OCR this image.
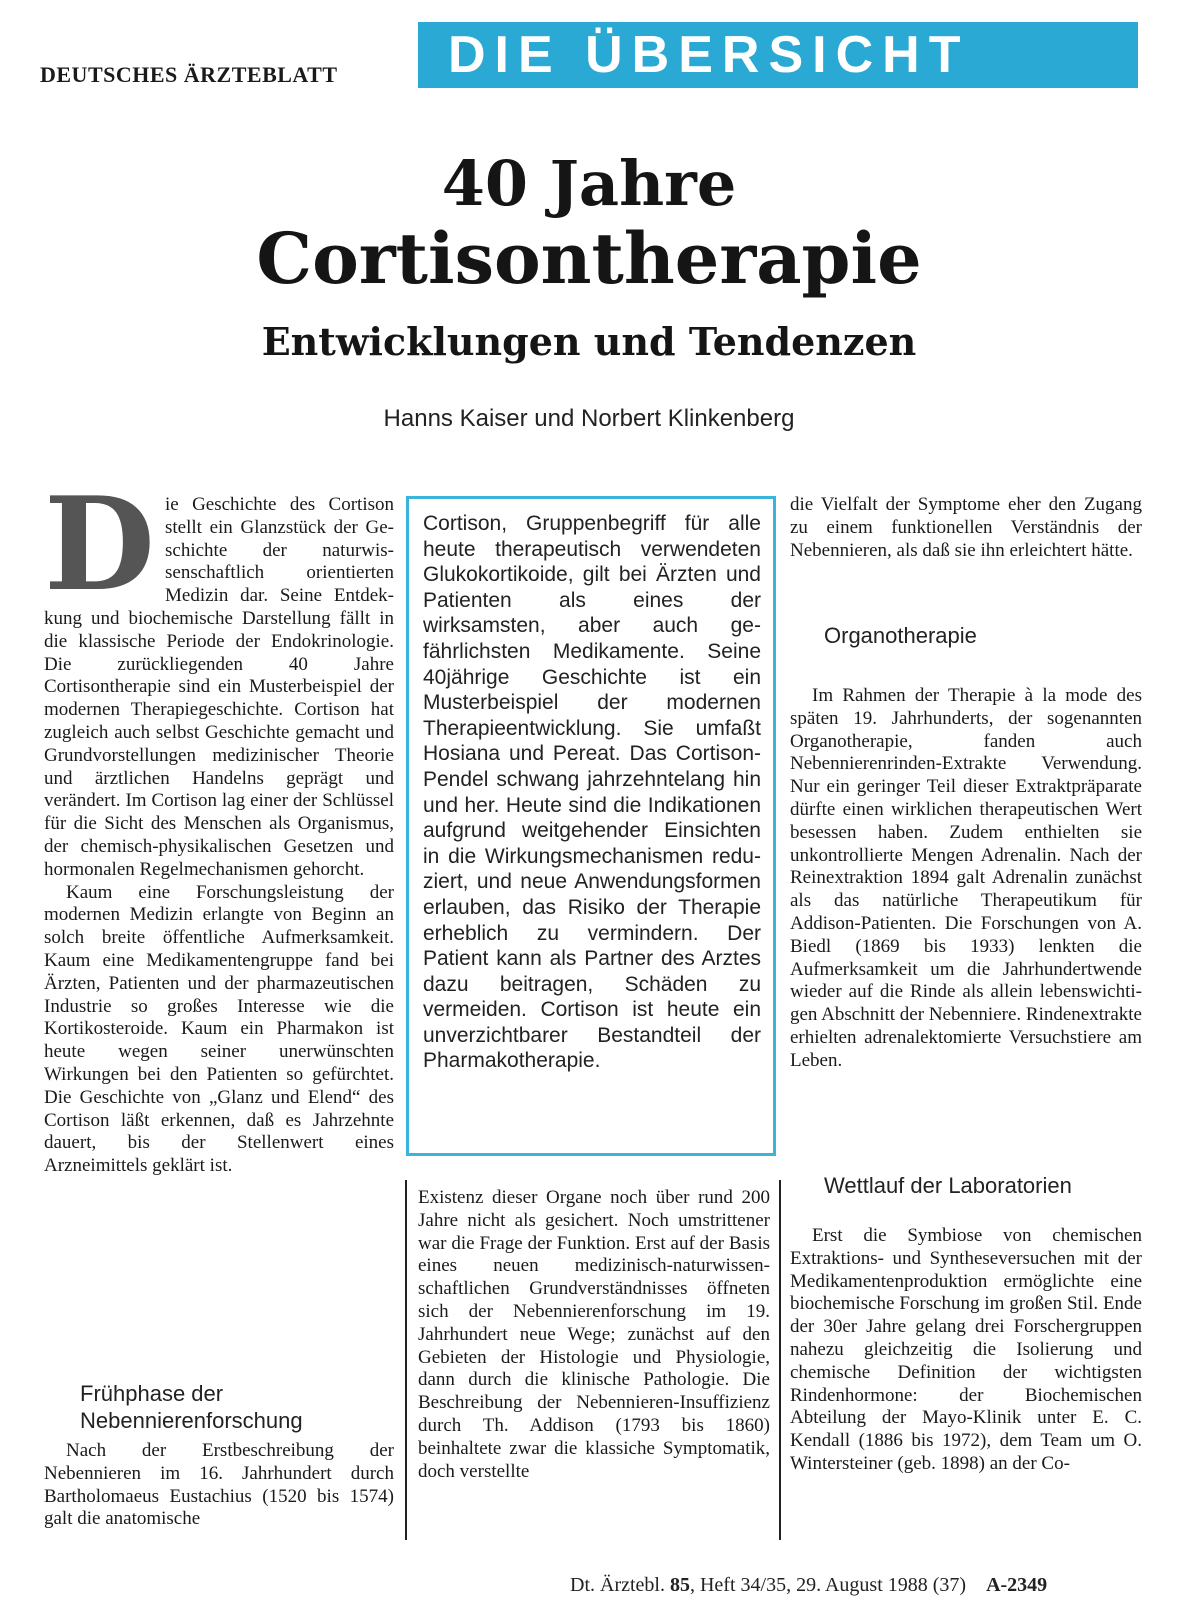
DEUTSCHES ÄRZTEBLATT	DIE ÜBERSICHT
40 Jahre
Cortisontherapie
Entwicklungen und Tendenzen
Hanns Kaiser und Norbert Klinkenberg
D ie Geschichte des Cortison stellt ein Glanzstück der Geschichte der naturwissenschaftlich orientierten Medizin dar. Seine Entdekkung und biochemische Darstellung fällt in die klassische Periode der Endokrinologie. Die zurückliegenden 40 Jahre Cortisontherapie sind ein Musterbeispiel der modernen Therapiegeschichte. Cortison hat zugleich auch selbst Geschichte gemacht und Grundvorstellungen medizinischer Theorie und ärztlichen Handelns geprägt und verändert. Im Cortison lag einer der Schlüssel für die Sicht des Menschen als Organismus, der chemisch-physikalischen Gesetzen und hormonalen Regelmechanismen gehorcht.

Kaum eine Forschungsleistung der modernen Medizin erlangte von Beginn an solch breite öffentliche Aufmerksamkeit. Kaum eine Medikamentengruppe fand bei Ärzten, Patienten und der pharmazeutischen Industrie so großes Interesse wie die Kortikosteroide. Kaum ein Pharmakon ist heute wegen seiner unerwünschten Wirkungen bei den Patienten so gefürchtet. Die Geschichte von „Glanz und Elend“ des Cortison läßt erkennen, daß es Jahrzehnte dauert, bis der Stellenwert eines Arzneimittels geklärt ist.

Frühphase der Nebennierenforschung

Nach der Erstbeschreibung der Nebennieren im 16. Jahrhundert durch Bartholomaeus Eustachius (1520 bis 1574) galt die anatomische

Cortison, Gruppenbegriff für alle heute therapeutisch verwendeten Glukokortikoide, gilt bei Ärzten und Patienten als eines der wirksamsten, aber auch gefährlichsten Medikamente. Seine 40jährige Geschichte ist ein Musterbeispiel der modernen Therapieentwicklung. Sie umfaßt Hosiana und Pereat. Das Cortison-Pendel schwang jahrzehntelang hin und her. Heute sind die Indikationen aufgrund weitgehender Einsichten in die Wirkungsmechanismen reduziert, und neue Anwendungsformen erlauben, das Risiko der Therapie erheblich zu vermindern. Der Patient kann als Partner des Arztes dazu beitragen, Schäden zu vermeiden. Cortison ist heute ein unverzichtbarer Bestandteil der Pharmakotherapie.

Existenz dieser Organe noch über rund 200 Jahre nicht als gesichert. Noch umstrittener war die Frage der Funktion. Erst auf der Basis eines neuen medizinisch-naturwissenschaftlichen Grundverständnisses öffneten sich der Nebennierenforschung im 19. Jahrhundert neue Wege; zunächst auf den Gebieten der Histologie und Physiologie, dann durch die klinische Pathologie. Die Beschreibung der Nebennieren-Insuffizienz durch Th. Addison (1793 bis 1860) beinhaltete zwar die klassiche Symptomatik, doch verstellte

die Vielfalt der Symptome eher den Zugang zu einem funktionellen Verständnis der Nebennieren, als daß sie ihn erleichtert hätte.

Organotherapie

Im Rahmen der Therapie à la mode des späten 19. Jahrhunderts, der sogenannten Organotherapie, fanden auch Nebennierenrinden-Extrakte Verwendung. Nur ein geringer Teil dieser Extraktpräparate dürfte einen wirklichen therapeutischen Wert besessen haben. Zudem enthielten sie unkontrollierte Mengen Adrenalin. Nach der Reinextraktion 1894 galt Adrenalin zunächst als das natürliche Therapeutikum für Addison-Patienten. Die Forschungen von A. Biedl (1869 bis 1933) lenkten die Aufmerksamkeit um die Jahrhundertwende wieder auf die Rinde als allein lebenswichtigen Abschnitt der Nebenniere. Rindenextrakte erhielten adrenalektomierte Versuchstiere am Leben.

Wettlauf der Laboratorien

Erst die Symbiose von chemischen Extraktions- und Syntheseversuchen mit der Medikamentenproduktion ermöglichte eine biochemische Forschung im großen Stil. Ende der 30er Jahre gelang drei Forschergruppen nahezu gleichzeitig die Isolierung und chemische Definition der wichtigsten Rindenhormone: der Biochemischen Abteilung der Mayo-Klinik unter E. C. Kendall (1886 bis 1972), dem Team um O. Wintersteiner (geb. 1898) an der Co-

Dt. Ärztebl. 85, Heft 34/35, 29. August 1988 (37) A-2349
